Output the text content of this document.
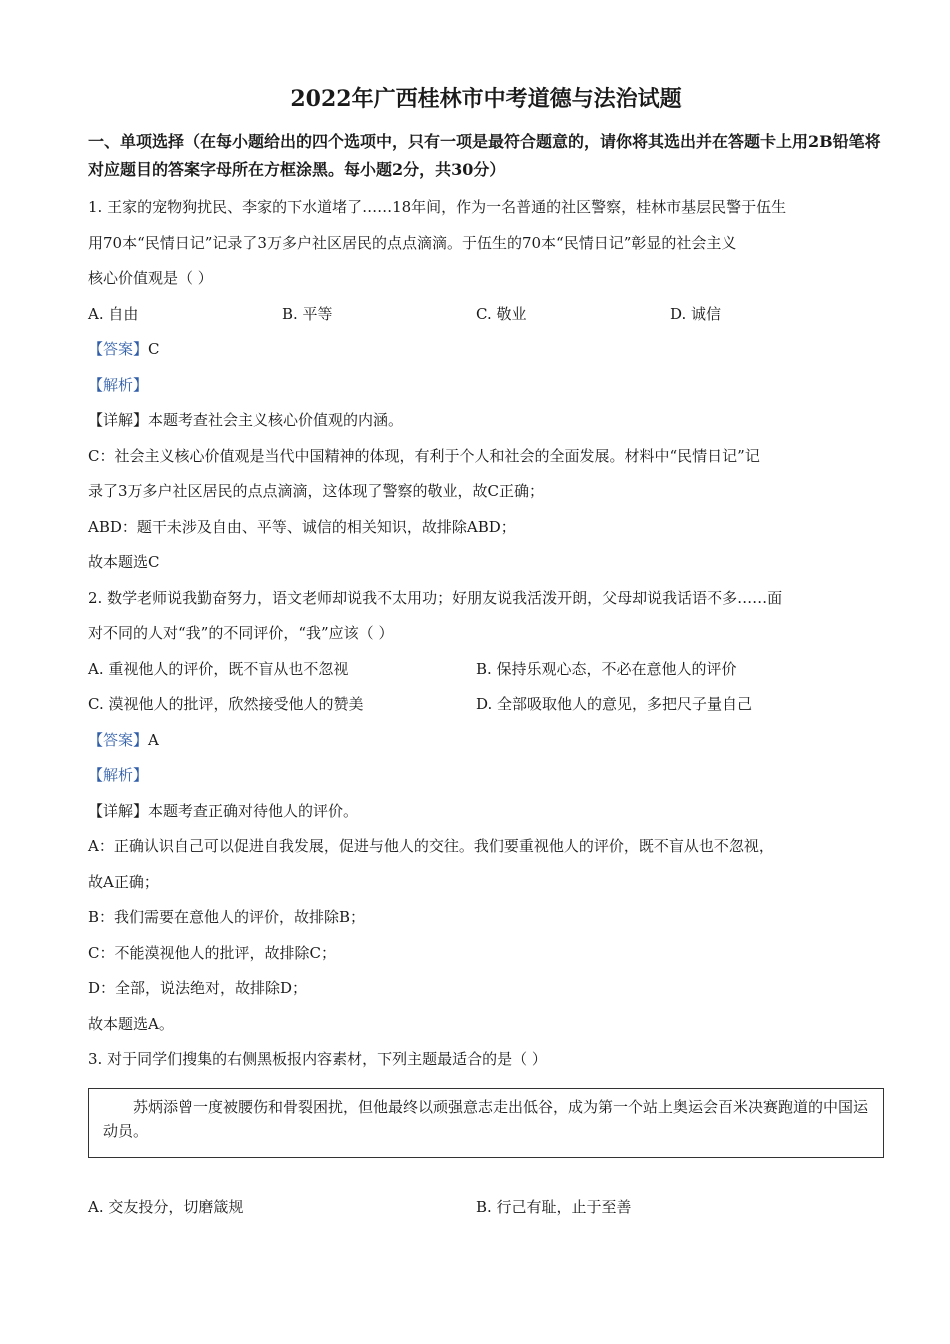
2022年广西桂林市中考道德与法治试题
一、单项选择（在每小题给出的四个选项中，只有一项是最符合题意的，请你将其选出并在答题卡上用2B铅笔将对应题目的答案字母所在方框涂黑。每小题2分，共30分）
1. 王家的宠物狗扰民、李家的下水道堵了……18年间，作为一名普通的社区警察，桂林市基层民警于伍生
用70本“民情日记”记录了3万多户社区居民的点点滴滴。于伍生的70本“民情日记”彰显的社会主义
核心价值观是（ ）
A. 自由	B. 平等	C. 敬业	D. 诚信
【答案】C
【解析】
【详解】本题考查社会主义核心价值观的内涵。
C：社会主义核心价值观是当代中国精神的体现，有利于个人和社会的全面发展。材料中“民情日记”记
录了3万多户社区居民的点点滴滴，这体现了警察的敬业，故C正确；
ABD：题干未涉及自由、平等、诚信的相关知识，故排除ABD；
故本题选C
2. 数学老师说我勤奋努力，语文老师却说我不太用功；好朋友说我活泼开朗，父母却说我话语不多……面
对不同的人对“我”的不同评价，“我”应该（ ）
A. 重视他人的评价，既不盲从也不忽视	B. 保持乐观心态，不必在意他人的评价
C. 漠视他人的批评，欣然接受他人的赞美	D. 全部吸取他人的意见，多把尺子量自己
【答案】A
【解析】
【详解】本题考查正确对待他人的评价。
A：正确认识自己可以促进自我发展，促进与他人的交往。我们要重视他人的评价，既不盲从也不忽视，
故A正确；
B：我们需要在意他人的评价，故排除B；
C：不能漠视他人的批评，故排除C；
D：全部，说法绝对，故排除D；
故本题选A。
3. 对于同学们搜集的右侧黑板报内容素材，下列主题最适合的是（ ）
苏炳添曾一度被腰伤和骨裂困扰，但他最终以顽强意志走出低谷，成为第一个站上奥运会百米决赛跑道的中国运动员。
A. 交友投分，切磨箴规	B. 行己有耻，止于至善
